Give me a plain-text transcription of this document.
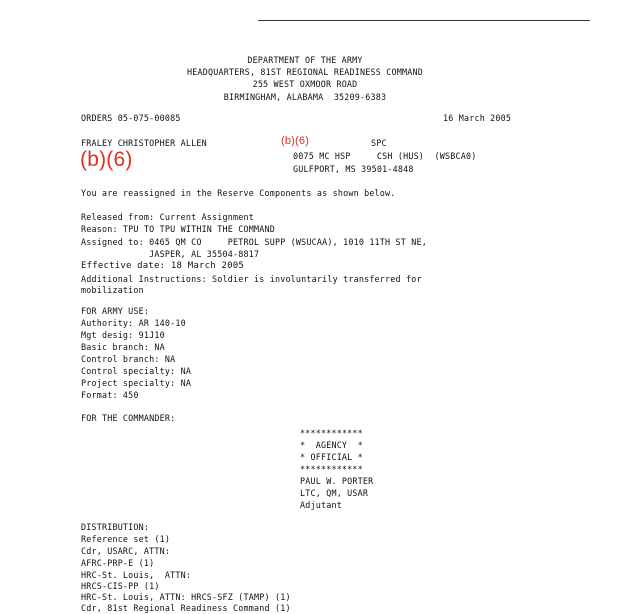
DEPARTMENT OF THE ARMY
HEADQUARTERS, 81ST REGIONAL READINESS COMMAND
255 WEST OXMOOR ROAD
BIRMINGHAM, ALABAMA  35209-6383
ORDERS 05-075-00085	16 March 2005
FRALEY CHRISTOPHER ALLEN	(b)(6)	SPC
(b)(6)	0075 MC HSP     CSH (HUS)  (WSBCA0)
GULFPORT, MS 39501-4848
You are reassigned in the Reserve Components as shown below.
Released from: Current Assignment
Reason: TPU TO TPU WITHIN THE COMMAND
Assigned to: 0465 QM CO     PETROL SUPP (WSUCAA), 1010 11TH ST NE,
JASPER, AL 35504-8817
Effective date: 18 March 2005
Additional Instructions: Soldier is involuntarily transferred for
mobilization
FOR ARMY USE:
Authority: AR 140-10
Mgt desig: 91J10
Basic branch: NA
Control branch: NA
Control specialty: NA
Project specialty: NA
Format: 450
FOR THE COMMANDER:
************
*  AGENCY  *
* OFFICIAL *
************
PAUL W. PORTER
LTC, QM, USAR
Adjutant
DISTRIBUTION:
Reference set (1)
Cdr, USARC, ATTN:
AFRC-PRP-E (1)
HRC-St. Louis,  ATTN:
HRCS-CIS-PP (1)
HRC-St. Louis, ATTN: HRCS-SFZ (TAMP) (1)
Cdr, 81st Regional Readiness Command (1)
